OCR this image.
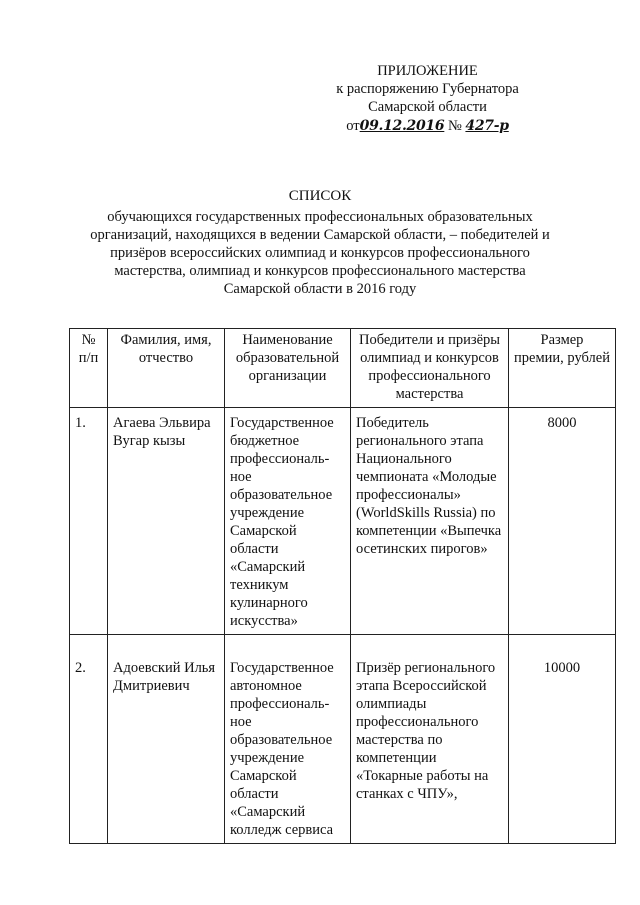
ПРИЛОЖЕНИЕ
к распоряжению Губернатора
Самарской области
от09.12.2016 № 427-р
СПИСОК
обучающихся государственных профессиональных образовательных организаций, находящихся в ведении Самарской области, – победителей и призёров всероссийских олимпиад и конкурсов профессионального мастерства, олимпиад и конкурсов профессионального мастерства Самарской области в 2016 году
№ п/п	Фамилия, имя, отчество	Наименование образовательной организации	Победители и призёры олимпиад и конкурсов профессионального мастерства	Размер премии, рублей
1.	Агаева Эльвира Вугар кызы	Государственное бюджетное профессиональ-ное образовательное учреждение Самарской области «Самарский техникум кулинарного искусства»	Победитель регионального этапа Национального чемпионата «Молодые профессионалы» (WorldSkills Russia) по компетенции «Выпечка осетинских пирогов»	8000
2.	Адоевский Илья Дмитриевич	Государственное автономное профессиональ-ное образовательное учреждение Самарской области «Самарский колледж сервиса	Призёр регионального этапа Всероссийской олимпиады профессионального мастерства по компетенции «Токарные работы на станках с ЧПУ»,	10000
